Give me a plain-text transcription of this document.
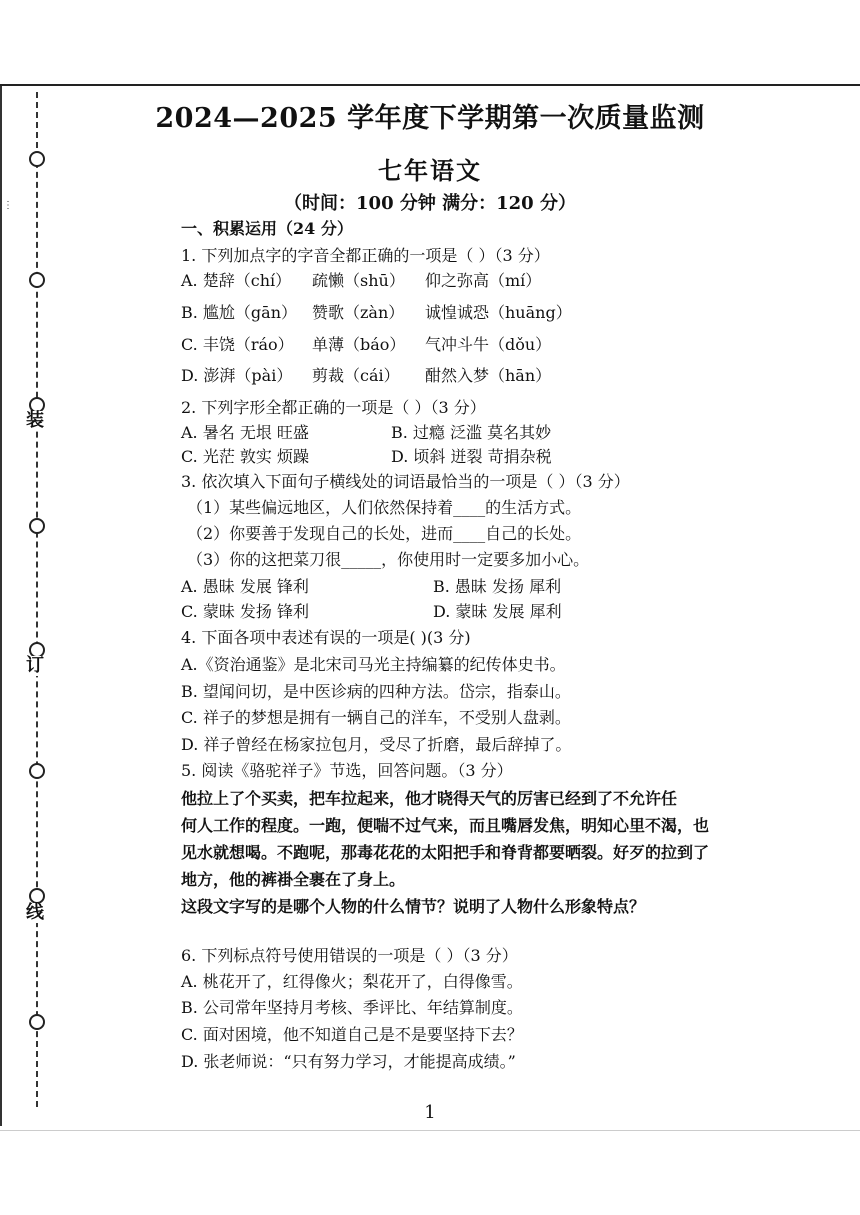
装
订
线
⋮
2024—2025 学年度下学期第一次质量监测
七年语文
（时间：100 分钟 满分：120 分）
一、积累运用（24 分）
1. 下列加点字的字音全都正确的一项是（ ）（3 分）
A. 楚辞（chí） 疏懒（shū） 仰之弥高（mí）
B. 尴尬（gān） 赞歌（zàn） 诚惶诚恐（huāng）
C. 丰饶（ráo） 单薄（báo） 气冲斗牛（dǒu）
D. 澎湃（pài） 剪裁（cái） 酣然入梦（hān）
2. 下列字形全都正确的一项是（ ）（3 分）
A. 暑名 无垠 旺盛	B. 过瘾 泛滥 莫名其妙
C. 光茫 敦实 烦躁	D. 顷斜 迸裂 苛捐杂税
3. 依次填入下面句子横线处的词语最恰当的一项是（ ）（3 分）
（1）某些偏远地区，人们依然保持着____的生活方式。
（2）你要善于发现自己的长处，进而____自己的长处。
（3）你的这把菜刀很_____，你使用时一定要多加小心。
A. 愚昧 发展 锋利	B. 愚昧 发扬 犀利
C. 蒙昧 发扬 锋利	D. 蒙昧 发展 犀利
4. 下面各项中表述有误的一项是( )(3 分)
A.《资治通鉴》是北宋司马光主持编纂的纪传体史书。
B. 望闻问切，是中医诊病的四种方法。岱宗，指泰山。
C. 祥子的梦想是拥有一辆自己的洋车，不受别人盘剥。
D. 祥子曾经在杨家拉包月，受尽了折磨，最后辞掉了。
5. 阅读《骆驼祥子》节选，回答问题。（3 分）
他拉上了个买卖，把车拉起来，他才晓得天气的厉害已经到了不允许任
何人工作的程度。一跑，便喘不过气来，而且嘴唇发焦，明知心里不渴，也
见水就想喝。不跑呢，那毒花花的太阳把手和脊背都要晒裂。好歹的拉到了
地方，他的裤褂全裹在了身上。
这段文字写的是哪个人物的什么情节？说明了人物什么形象特点？
6. 下列标点符号使用错误的一项是（ ）（3 分）
A. 桃花开了，红得像火；梨花开了，白得像雪。
B. 公司常年坚持月考核、季评比、年结算制度。
C. 面对困境，他不知道自己是不是要坚持下去？
D. 张老师说：“只有努力学习，才能提高成绩。”
1
